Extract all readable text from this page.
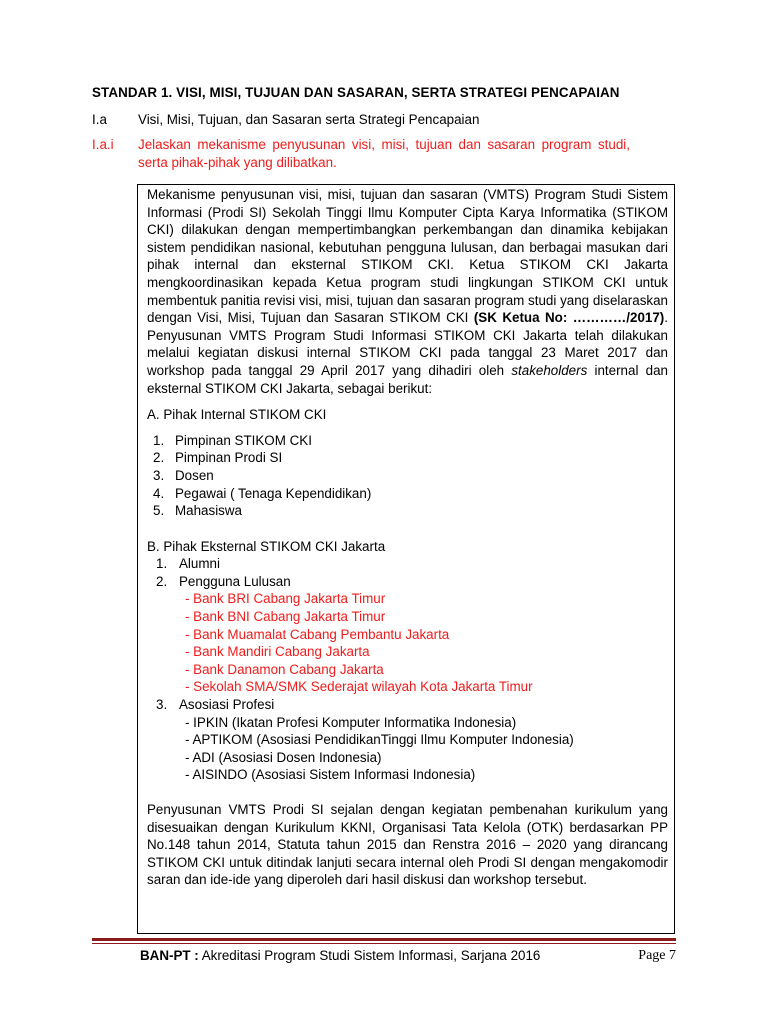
STANDAR 1. VISI, MISI, TUJUAN DAN SASARAN, SERTA STRATEGI PENCAPAIAN
I.a Visi, Misi, Tujuan, dan Sasaran serta Strategi Pencapaian
I.a.i Jelaskan mekanisme penyusunan visi, misi, tujuan dan sasaran program studi, serta pihak-pihak yang dilibatkan.

Mekanisme penyusunan visi, misi, tujuan dan sasaran (VMTS) Program Studi Sistem Informasi (Prodi SI) Sekolah Tinggi Ilmu Komputer Cipta Karya Informatika (STIKOM CKI) dilakukan dengan mempertimbangkan perkembangan dan dinamika kebijakan sistem pendidikan nasional, kebutuhan pengguna lulusan, dan berbagai masukan dari pihak internal dan eksternal STIKOM CKI. Ketua STIKOM CKI Jakarta mengkoordinasikan kepada Ketua program studi lingkungan STIKOM CKI untuk membentuk panitia revisi visi, misi, tujuan dan sasaran program studi yang diselaraskan dengan Visi, Misi, Tujuan dan Sasaran STIKOM CKI (SK Ketua No: …………/2017). Penyusunan VMTS Program Studi Informasi STIKOM CKI Jakarta telah dilakukan melalui kegiatan diskusi internal STIKOM CKI pada tanggal 23 Maret 2017 dan workshop pada tanggal 29 April 2017 yang dihadiri oleh stakeholders internal dan eksternal STIKOM CKI Jakarta, sebagai berikut:

A. Pihak Internal STIKOM CKI
1. Pimpinan STIKOM CKI
2. Pimpinan Prodi SI
3. Dosen
4. Pegawai ( Tenaga Kependidikan)
5. Mahasiswa
B. Pihak Eksternal STIKOM CKI Jakarta
1. Alumni
2. Pengguna Lulusan
- Bank BRI Cabang Jakarta Timur
- Bank BNI Cabang Jakarta Timur
- Bank Muamalat Cabang Pembantu Jakarta
- Bank Mandiri Cabang Jakarta
- Bank Danamon Cabang Jakarta
- Sekolah SMA/SMK Sederajat wilayah Kota Jakarta Timur
3. Asosiasi Profesi
- IPKIN (Ikatan Profesi Komputer Informatika Indonesia)
- APTIKOM (Asosiasi PendidikanTinggi Ilmu Komputer Indonesia)
- ADI (Asosiasi Dosen Indonesia)
- AISINDO (Asosiasi Sistem Informasi Indonesia)

Penyusunan VMTS Prodi SI sejalan dengan kegiatan pembenahan kurikulum yang disesuaikan dengan Kurikulum KKNI, Organisasi Tata Kelola (OTK) berdasarkan PP No.148 tahun 2014, Statuta tahun 2015 dan Renstra 2016 – 2020 yang dirancang STIKOM CKI untuk ditindak lanjuti secara internal oleh Prodi SI dengan mengakomodir saran dan ide-ide yang diperoleh dari hasil diskusi dan workshop tersebut.

BAN-PT : Akreditasi Program Studi Sistem Informasi, Sarjana 2016	Page 7
